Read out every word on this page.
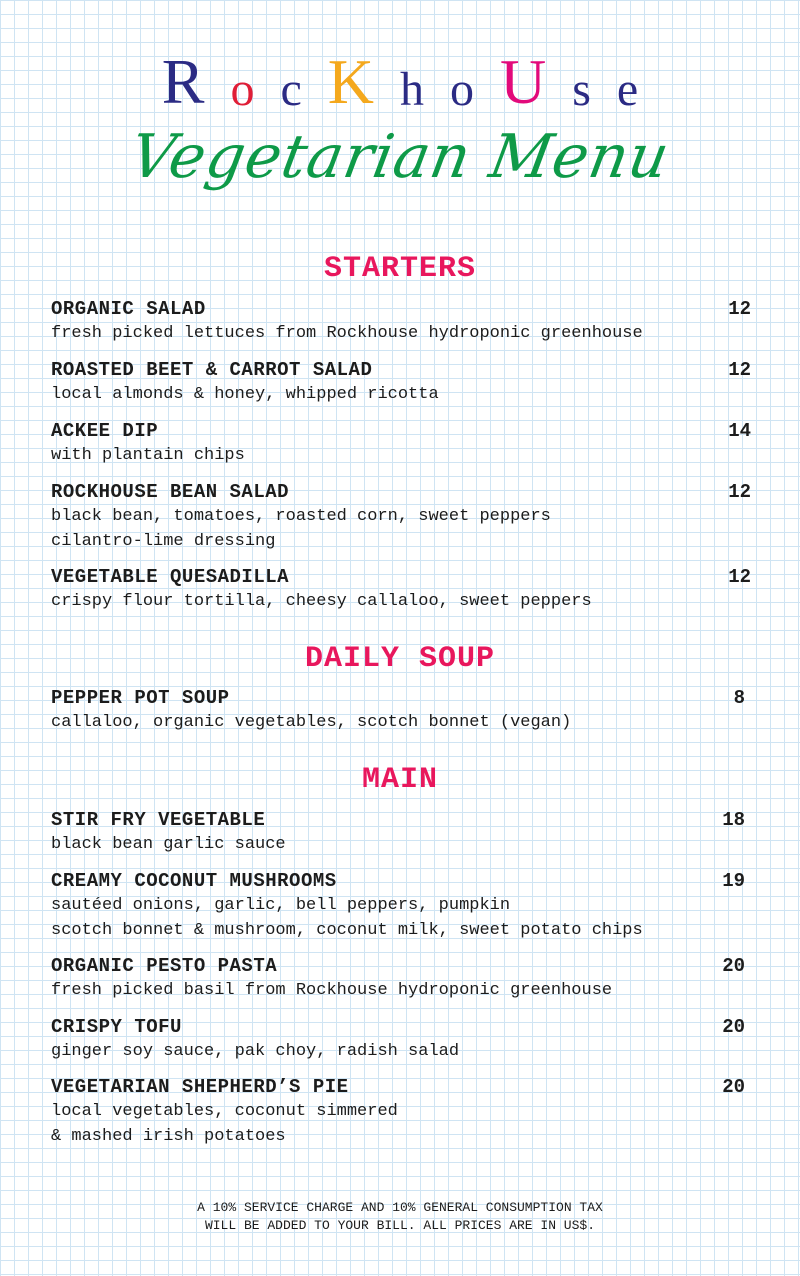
R o c K h o U s e
Vegetarian Menu
STARTERS
ORGANIC SALAD	12
fresh picked lettuces from Rockhouse hydroponic greenhouse
ROASTED BEET & CARROT SALAD	12
local almonds & honey, whipped ricotta
ACKEE DIP	14
with plantain chips
ROCKHOUSE BEAN SALAD	12
black bean, tomatoes, roasted corn, sweet peppers
cilantro-lime dressing
VEGETABLE QUESADILLA	12
crispy flour tortilla, cheesy callaloo, sweet peppers
DAILY SOUP
PEPPER POT SOUP	8
callaloo, organic vegetables, scotch bonnet (vegan)
MAIN
STIR FRY VEGETABLE	18
black bean garlic sauce
CREAMY COCONUT MUSHROOMS	19
sautéed onions, garlic, bell peppers, pumpkin
scotch bonnet & mushroom, coconut milk, sweet potato chips
ORGANIC PESTO PASTA	20
fresh picked basil from Rockhouse hydroponic greenhouse
CRISPY TOFU	20
ginger soy sauce, pak choy, radish salad
VEGETARIAN SHEPHERD’S PIE	20
local vegetables, coconut simmered
& mashed irish potatoes
A 10% SERVICE CHARGE AND 10% GENERAL CONSUMPTION TAX
WILL BE ADDED TO YOUR BILL. ALL PRICES ARE IN US$.
